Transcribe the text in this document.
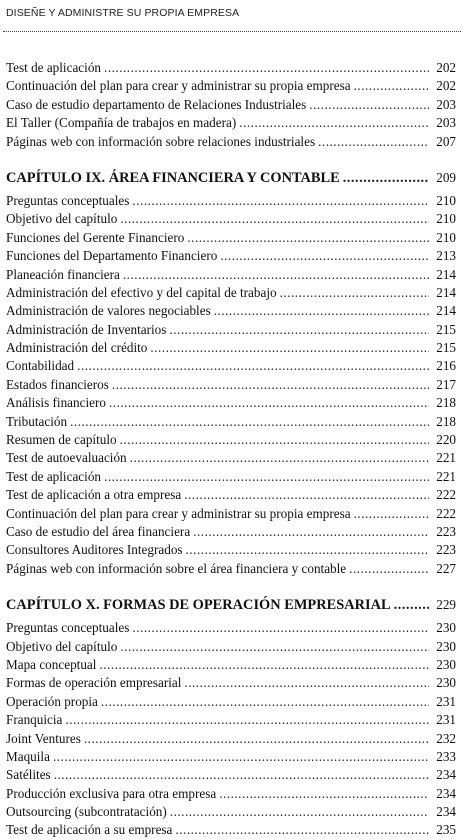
DISEÑE Y ADMINISTRE SU PROPIA EMPRESA
Test de aplicación .....	202
Continuación del plan para crear y administrar su propia empresa .....	202
Caso de estudio departamento de Relaciones Industriales .....	203
El Taller (Compañía de trabajos en madera) .....	203
Páginas web con información sobre relaciones industriales .....	207
CAPÍTULO IX. ÁREA FINANCIERA Y CONTABLE .....	209
Preguntas conceptuales .....	210
Objetivo del capítulo .....	210
Funciones del Gerente Financiero .....	210
Funciones del Departamento Financiero .....	213
Planeación financiera .....	214
Administración del efectivo y del capital de trabajo .....	214
Administración de valores negociables .....	214
Administración de Inventarios .....	215
Administración del crédito .....	215
Contabilidad .....	216
Estados financieros .....	217
Análisis financiero .....	218
Tributación .....	218
Resumen de capítulo .....	220
Test de autoevaluación .....	221
Test de aplicación .....	221
Test de aplicación a otra empresa .....	222
Continuación del plan para crear y administrar su propia empresa .....	222
Caso de estudio del área financiera .....	223
Consultores Auditores Integrados .....	223
Páginas web con información sobre el área financiera y contable .....	227
CAPÍTULO X. FORMAS DE OPERACIÓN EMPRESARIAL .....	229
Preguntas conceptuales .....	230
Objetivo del capítulo .....	230
Mapa conceptual .....	230
Formas de operación empresarial .....	230
Operación propia .....	231
Franquicia .....	231
Joint Ventures .....	232
Maquila .....	233
Satélites .....	234
Producción exclusiva para otra empresa .....	234
Outsourcing (subcontratación) .....	234
Test de aplicación a su empresa .....	235
